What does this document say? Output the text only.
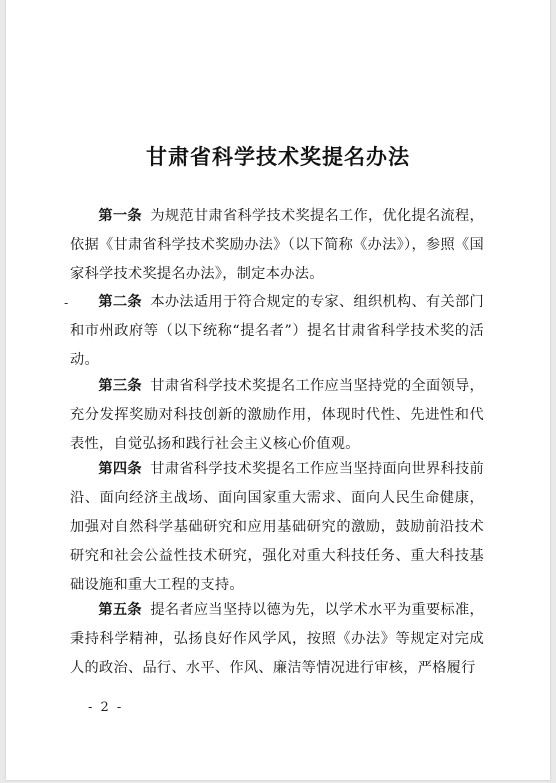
甘肃省科学技术奖提名办法
第一条 为规范甘肃省科学技术奖提名工作，优化提名流程，依据《甘肃省科学技术奖励办法》（以下简称《办法》），参照《国家科学技术奖提名办法》，制定本办法。
-	第二条 本办法适用于符合规定的专家、组织机构、有关部门和市州政府等（以下统称“提名者”）提名甘肃省科学技术奖的活动。
第三条 甘肃省科学技术奖提名工作应当坚持党的全面领导，充分发挥奖励对科技创新的激励作用，体现时代性、先进性和代表性，自觉弘扬和践行社会主义核心价值观。
第四条 甘肃省科学技术奖提名工作应当坚持面向世界科技前沿、面向经济主战场、面向国家重大需求、面向人民生命健康，加强对自然科学基础研究和应用基础研究的激励，鼓励前沿技术研究和社会公益性技术研究，强化对重大科技任务、重大科技基础设施和重大工程的支持。
第五条 提名者应当坚持以德为先，以学术水平为重要标准，秉持科学精神，弘扬良好作风学风，按照《办法》等规定对完成人的政治、品行、水平、作风、廉洁等情况进行审核，严格履行
- 2 -
